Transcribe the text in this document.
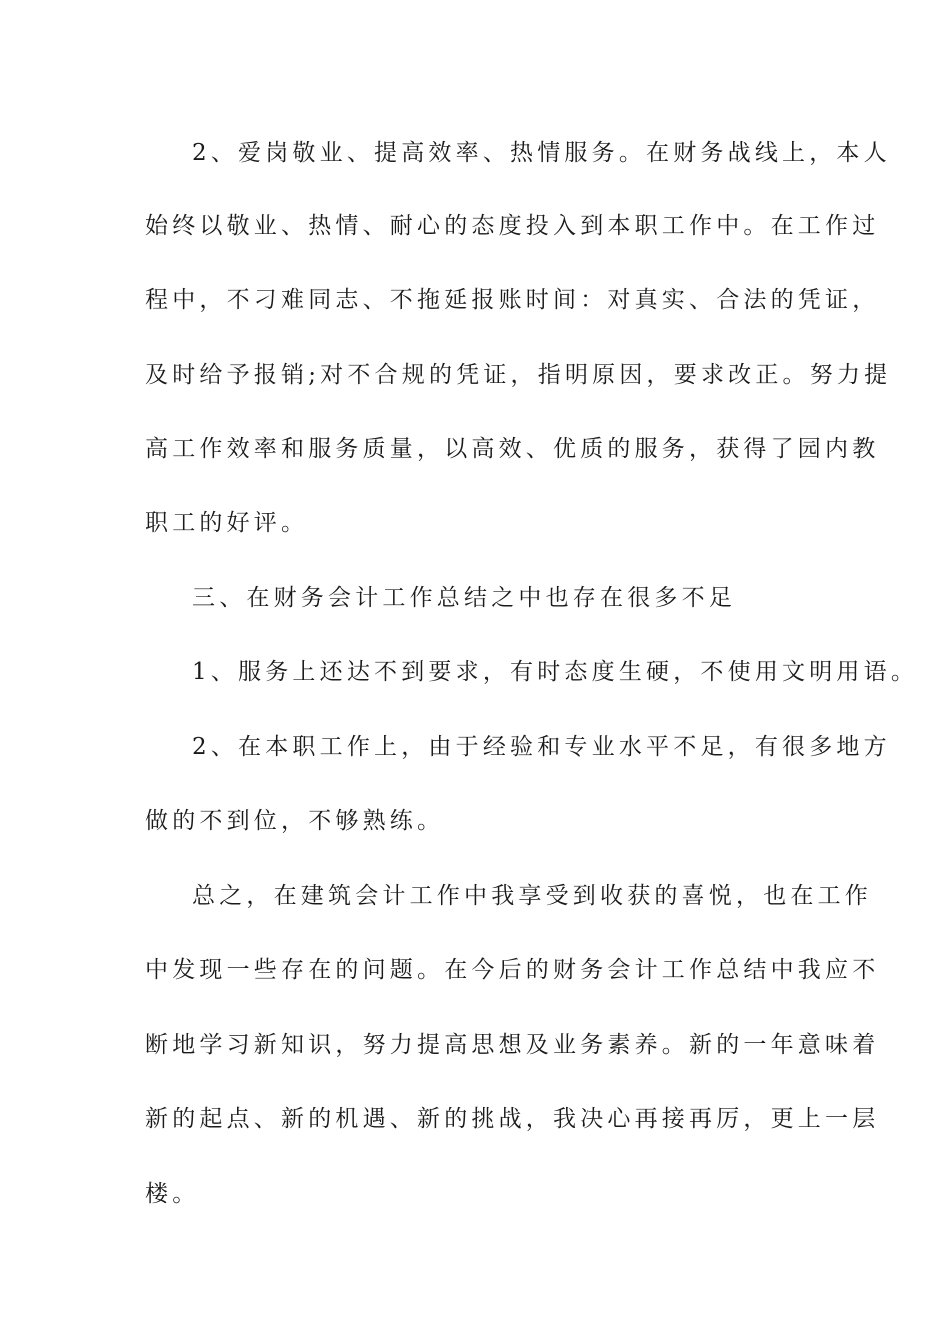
2、爱岗敬业、提高效率、热情服务。在财务战线上，本人
始终以敬业、热情、耐心的态度投入到本职工作中。在工作过
程中，不刁难同志、不拖延报账时间：对真实、合法的凭证，
及时给予报销;对不合规的凭证，指明原因，要求改正。努力提
高工作效率和服务质量，以高效、优质的服务，获得了园内教
职工的好评。
三、在财务会计工作总结之中也存在很多不足
1、服务上还达不到要求，有时态度生硬，不使用文明用语。
2、在本职工作上，由于经验和专业水平不足，有很多地方
做的不到位，不够熟练。
总之，在建筑会计工作中我享受到收获的喜悦，也在工作
中发现一些存在的问题。在今后的财务会计工作总结中我应不
断地学习新知识，努力提高思想及业务素养。新的一年意味着
新的起点、新的机遇、新的挑战，我决心再接再厉，更上一层
楼。
